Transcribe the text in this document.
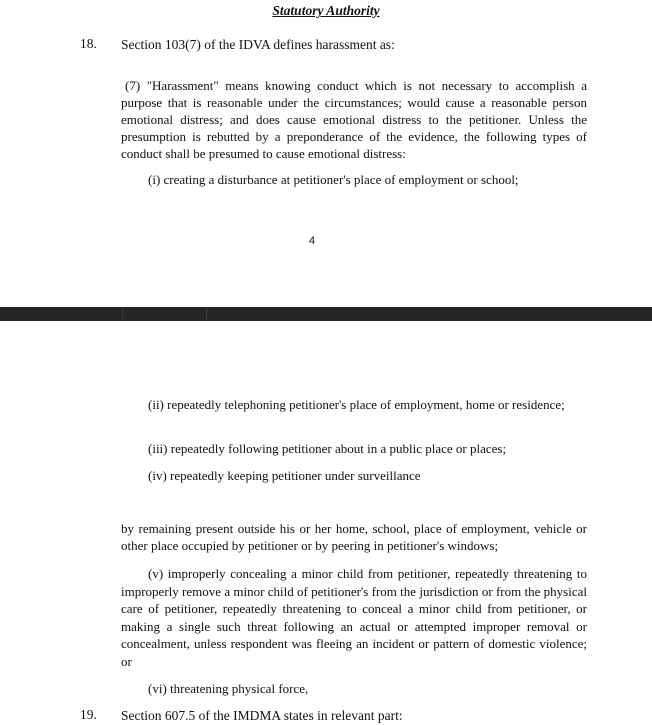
Statutory Authority
18. Section 103(7) of the IDVA defines harassment as:
(7) "Harassment" means knowing conduct which is not necessary to accomplish a purpose that is reasonable under the circumstances; would cause a reasonable person emotional distress; and does cause emotional distress to the petitioner. Unless the presumption is rebutted by a preponderance of the evidence, the following types of conduct shall be presumed to cause emotional distress:
(i) creating a disturbance at petitioner's place of employment or school;
4
(ii) repeatedly telephoning petitioner's place of employment, home or residence;
(iii) repeatedly following petitioner about in a public place or places;
(iv) repeatedly keeping petitioner under surveillance
by remaining present outside his or her home, school, place of employment, vehicle or other place occupied by petitioner or by peering in petitioner's windows;
(v) improperly concealing a minor child from petitioner, repeatedly threatening to improperly remove a minor child of petitioner's from the jurisdiction or from the physical care of petitioner, repeatedly threatening to conceal a minor child from petitioner, or making a single such threat following an actual or attempted improper removal or concealment, unless respondent was fleeing an incident or pattern of domestic violence; or
(vi) threatening physical force,
19. Section 607.5 of the IMDMA states in relevant part:
